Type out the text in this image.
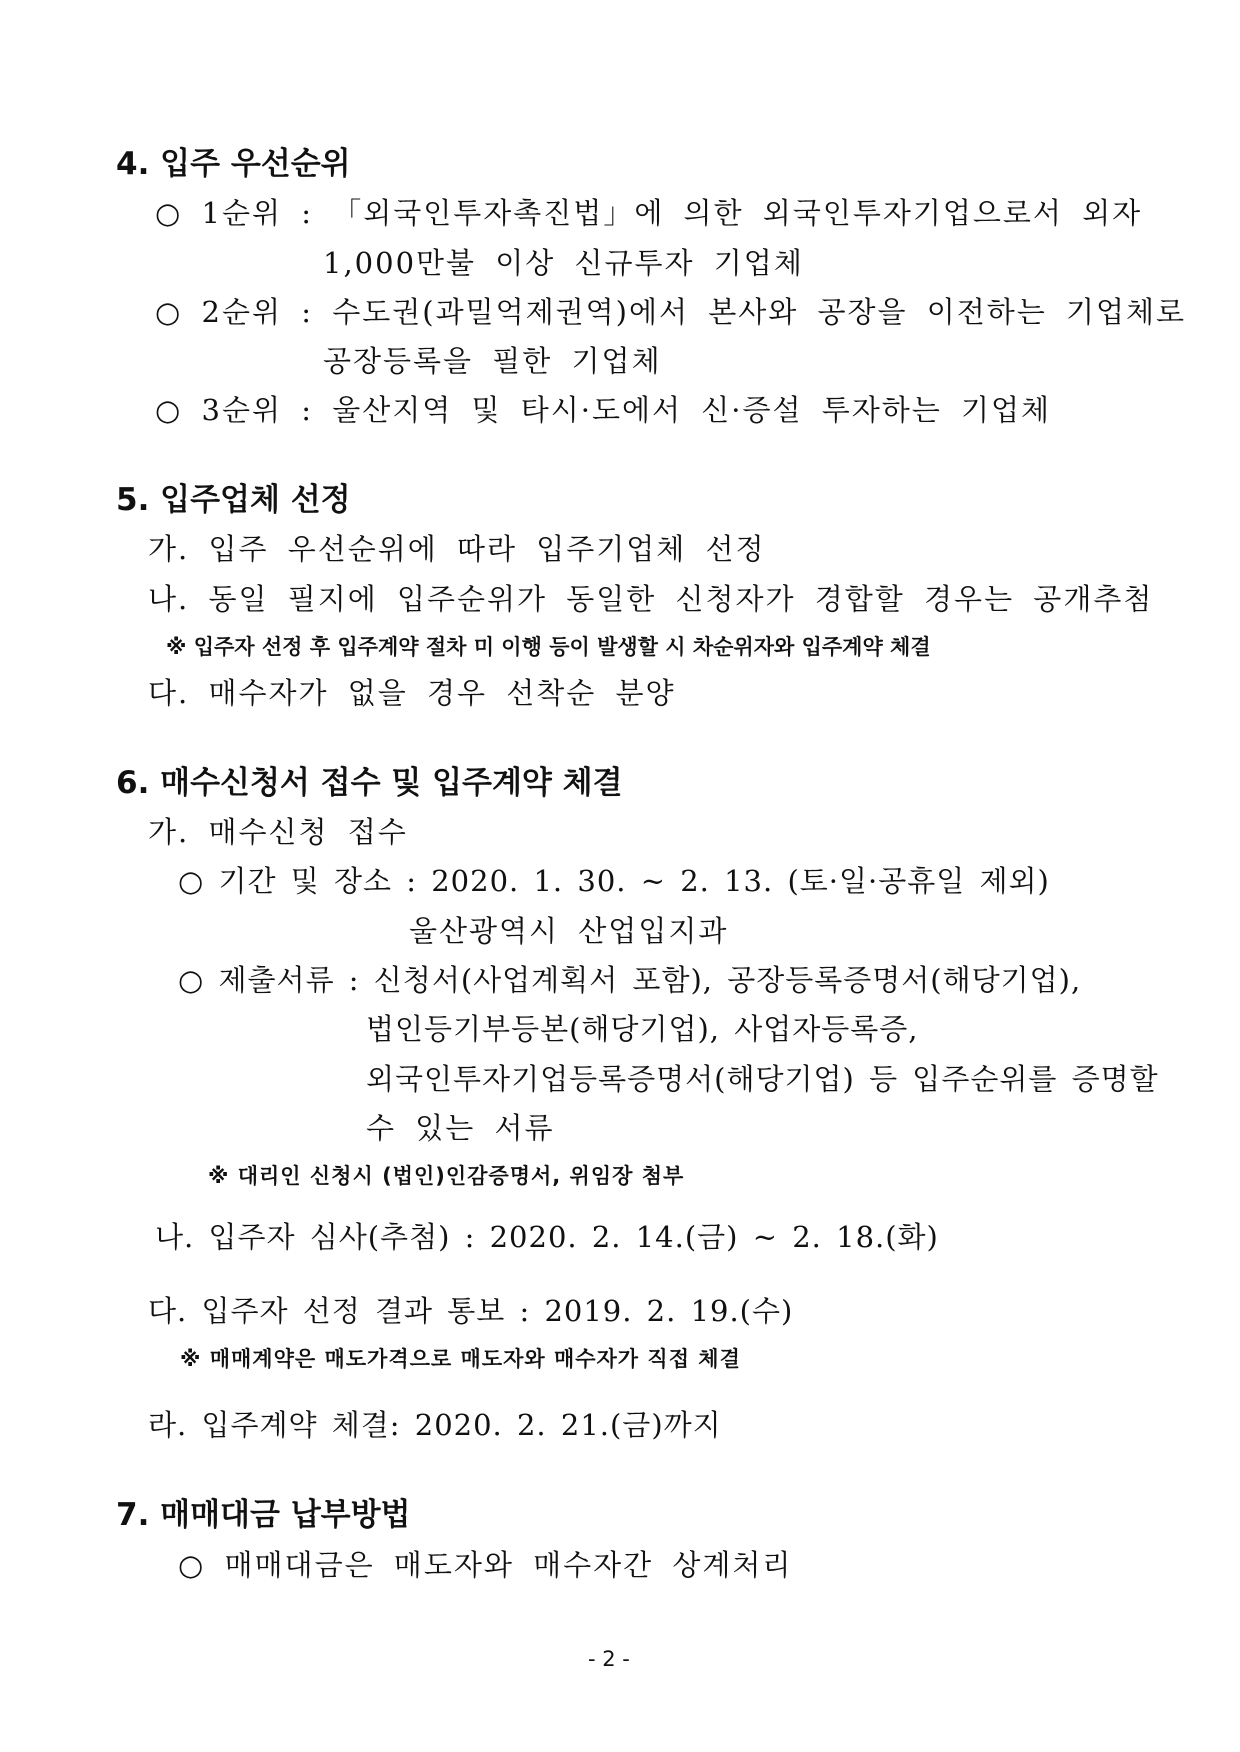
4. 입주 우선순위
○ 1순위 : 「외국인투자촉진법」에 의한 외국인투자기업으로서 외자
1,000만불 이상 신규투자 기업체
○ 2순위 : 수도권(과밀억제권역)에서 본사와 공장을 이전하는 기업체로
공장등록을 필한 기업체
○ 3순위 : 울산지역 및 타시·도에서 신·증설 투자하는 기업체
5. 입주업체 선정
가. 입주 우선순위에 따라 입주기업체 선정
나. 동일 필지에 입주순위가 동일한 신청자가 경합할 경우는 공개추첨
※ 입주자 선정 후 입주계약 절차 미 이행 등이 발생할 시 차순위자와 입주계약 체결
다. 매수자가 없을 경우 선착순 분양
6. 매수신청서 접수 및 입주계약 체결
가. 매수신청 접수
○ 기간 및 장소 : 2020. 1. 30. ~ 2. 13. (토·일·공휴일 제외)
울산광역시 산업입지과
○ 제출서류 : 신청서(사업계획서 포함), 공장등록증명서(해당기업),
법인등기부등본(해당기업), 사업자등록증,
외국인투자기업등록증명서(해당기업) 등 입주순위를 증명할
수 있는 서류
※ 대리인 신청시 (법인)인감증명서, 위임장 첨부
나. 입주자 심사(추첨) : 2020. 2. 14.(금) ~ 2. 18.(화)
다. 입주자 선정 결과 통보 : 2019. 2. 19.(수)
※ 매매계약은 매도가격으로 매도자와 매수자가 직접 체결
라. 입주계약 체결: 2020. 2. 21.(금)까지
7. 매매대금 납부방법
○ 매매대금은 매도자와 매수자간 상계처리
- 2 -
